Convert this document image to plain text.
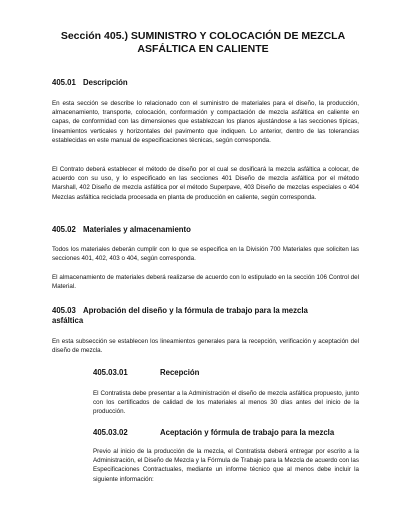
Sección 405.) SUMINISTRO Y COLOCACIÓN DE MEZCLA
ASFÁLTICA EN CALIENTE
405.01 Descripción

En esta sección se describe lo relacionado con el suministro de materiales para el diseño, la producción, almacenamiento, transporte, colocación, conformación y compactación de mezcla asfáltica en caliente en capas, de conformidad con las dimensiones que establezcan los planos ajustándose a las secciones típicas, lineamientos verticales y horizontales del pavimento que indiquen. Lo anterior, dentro de las tolerancias establecidas en este manual de especificaciones técnicas, según corresponda.

El Contrato deberá establecer el método de diseño por el cual se dosificará la mezcla asfáltica a colocar, de acuerdo con su uso, y lo especificado en las secciones 401 Diseño de mezcla asfáltica por el método Marshall, 402 Diseño de mezcla asfáltica por el método Superpave, 403 Diseño de mezclas especiales o 404 Mezclas asfáltica reciclada procesada en planta de producción en caliente, según corresponda.

405.02 Materiales y almacenamiento

Todos los materiales deberán cumplir con lo que se especifica en la División 700 Materiales que soliciten las secciones 401, 402, 403 o 404, según corresponda.

El almacenamiento de materiales deberá realizarse de acuerdo con lo estipulado en la sección 106 Control del Material.

405.03 Aprobación del diseño y la fórmula de trabajo para la mezcla
asfáltica

En esta subsección se establecen los lineamientos generales para la recepción, verificación y aceptación del diseño de mezcla.

405.03.01	Recepción

El Contratista debe presentar a la Administración el diseño de mezcla asfáltica propuesto, junto con los certificados de calidad de los materiales al menos 30 días antes del inicio de la producción.

405.03.02	Aceptación y fórmula de trabajo para la mezcla

Previo al inicio de la producción de la mezcla, el Contratista deberá entregar por escrito a la Administración, el Diseño de Mezcla y la Fórmula de Trabajo para la Mezcla de acuerdo con las Especificaciones Contractuales, mediante un informe técnico que al menos debe incluir la siguiente información:
